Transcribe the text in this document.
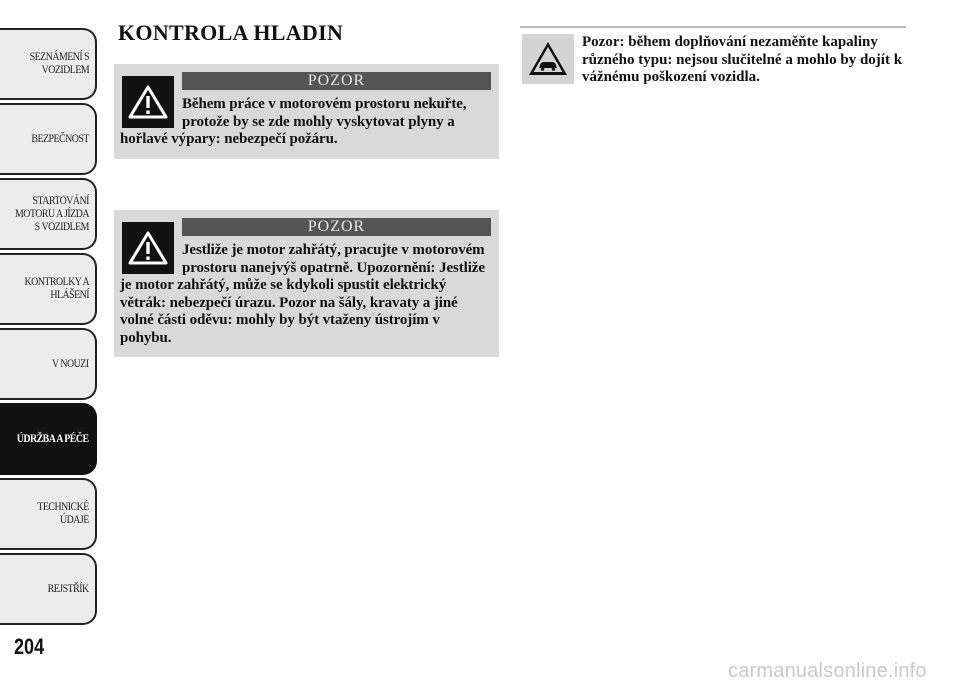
SEZNÁMENÍ S
VOZIDLEM
BEZPEČNOST
STARTOVÁNÍ
MOTORU A JÍZDA
S VOZIDLEM
KONTROLKY A
HLÁŠENÍ
V NOUZI
ÚDRŽBA A PÉČE
TECHNICKÉ
ÚDAJE
REJSTŘÍK
204
KONTROLA HLADIN
POZOR
Během práce v motorovém prostoru nekuřte, protože by se zde mohly vyskytovat plyny a hořlavé výpary: nebezpečí požáru.
POZOR
Jestliže je motor zahřátý, pracujte v motorovém prostoru nanejvýš opatrně. Upozornění: Jestliže je motor zahřátý, může se kdykoli spustit elektrický větrák: nebezpečí úrazu. Pozor na šály, kravaty a jiné volné části oděvu: mohly by být vtaženy ústrojím v pohybu.
Pozor: během doplňování nezaměňte kapaliny různého typu: nejsou slučitelné a mohlo by dojít k vážnému poškození vozidla.
carmanualsonline.info
